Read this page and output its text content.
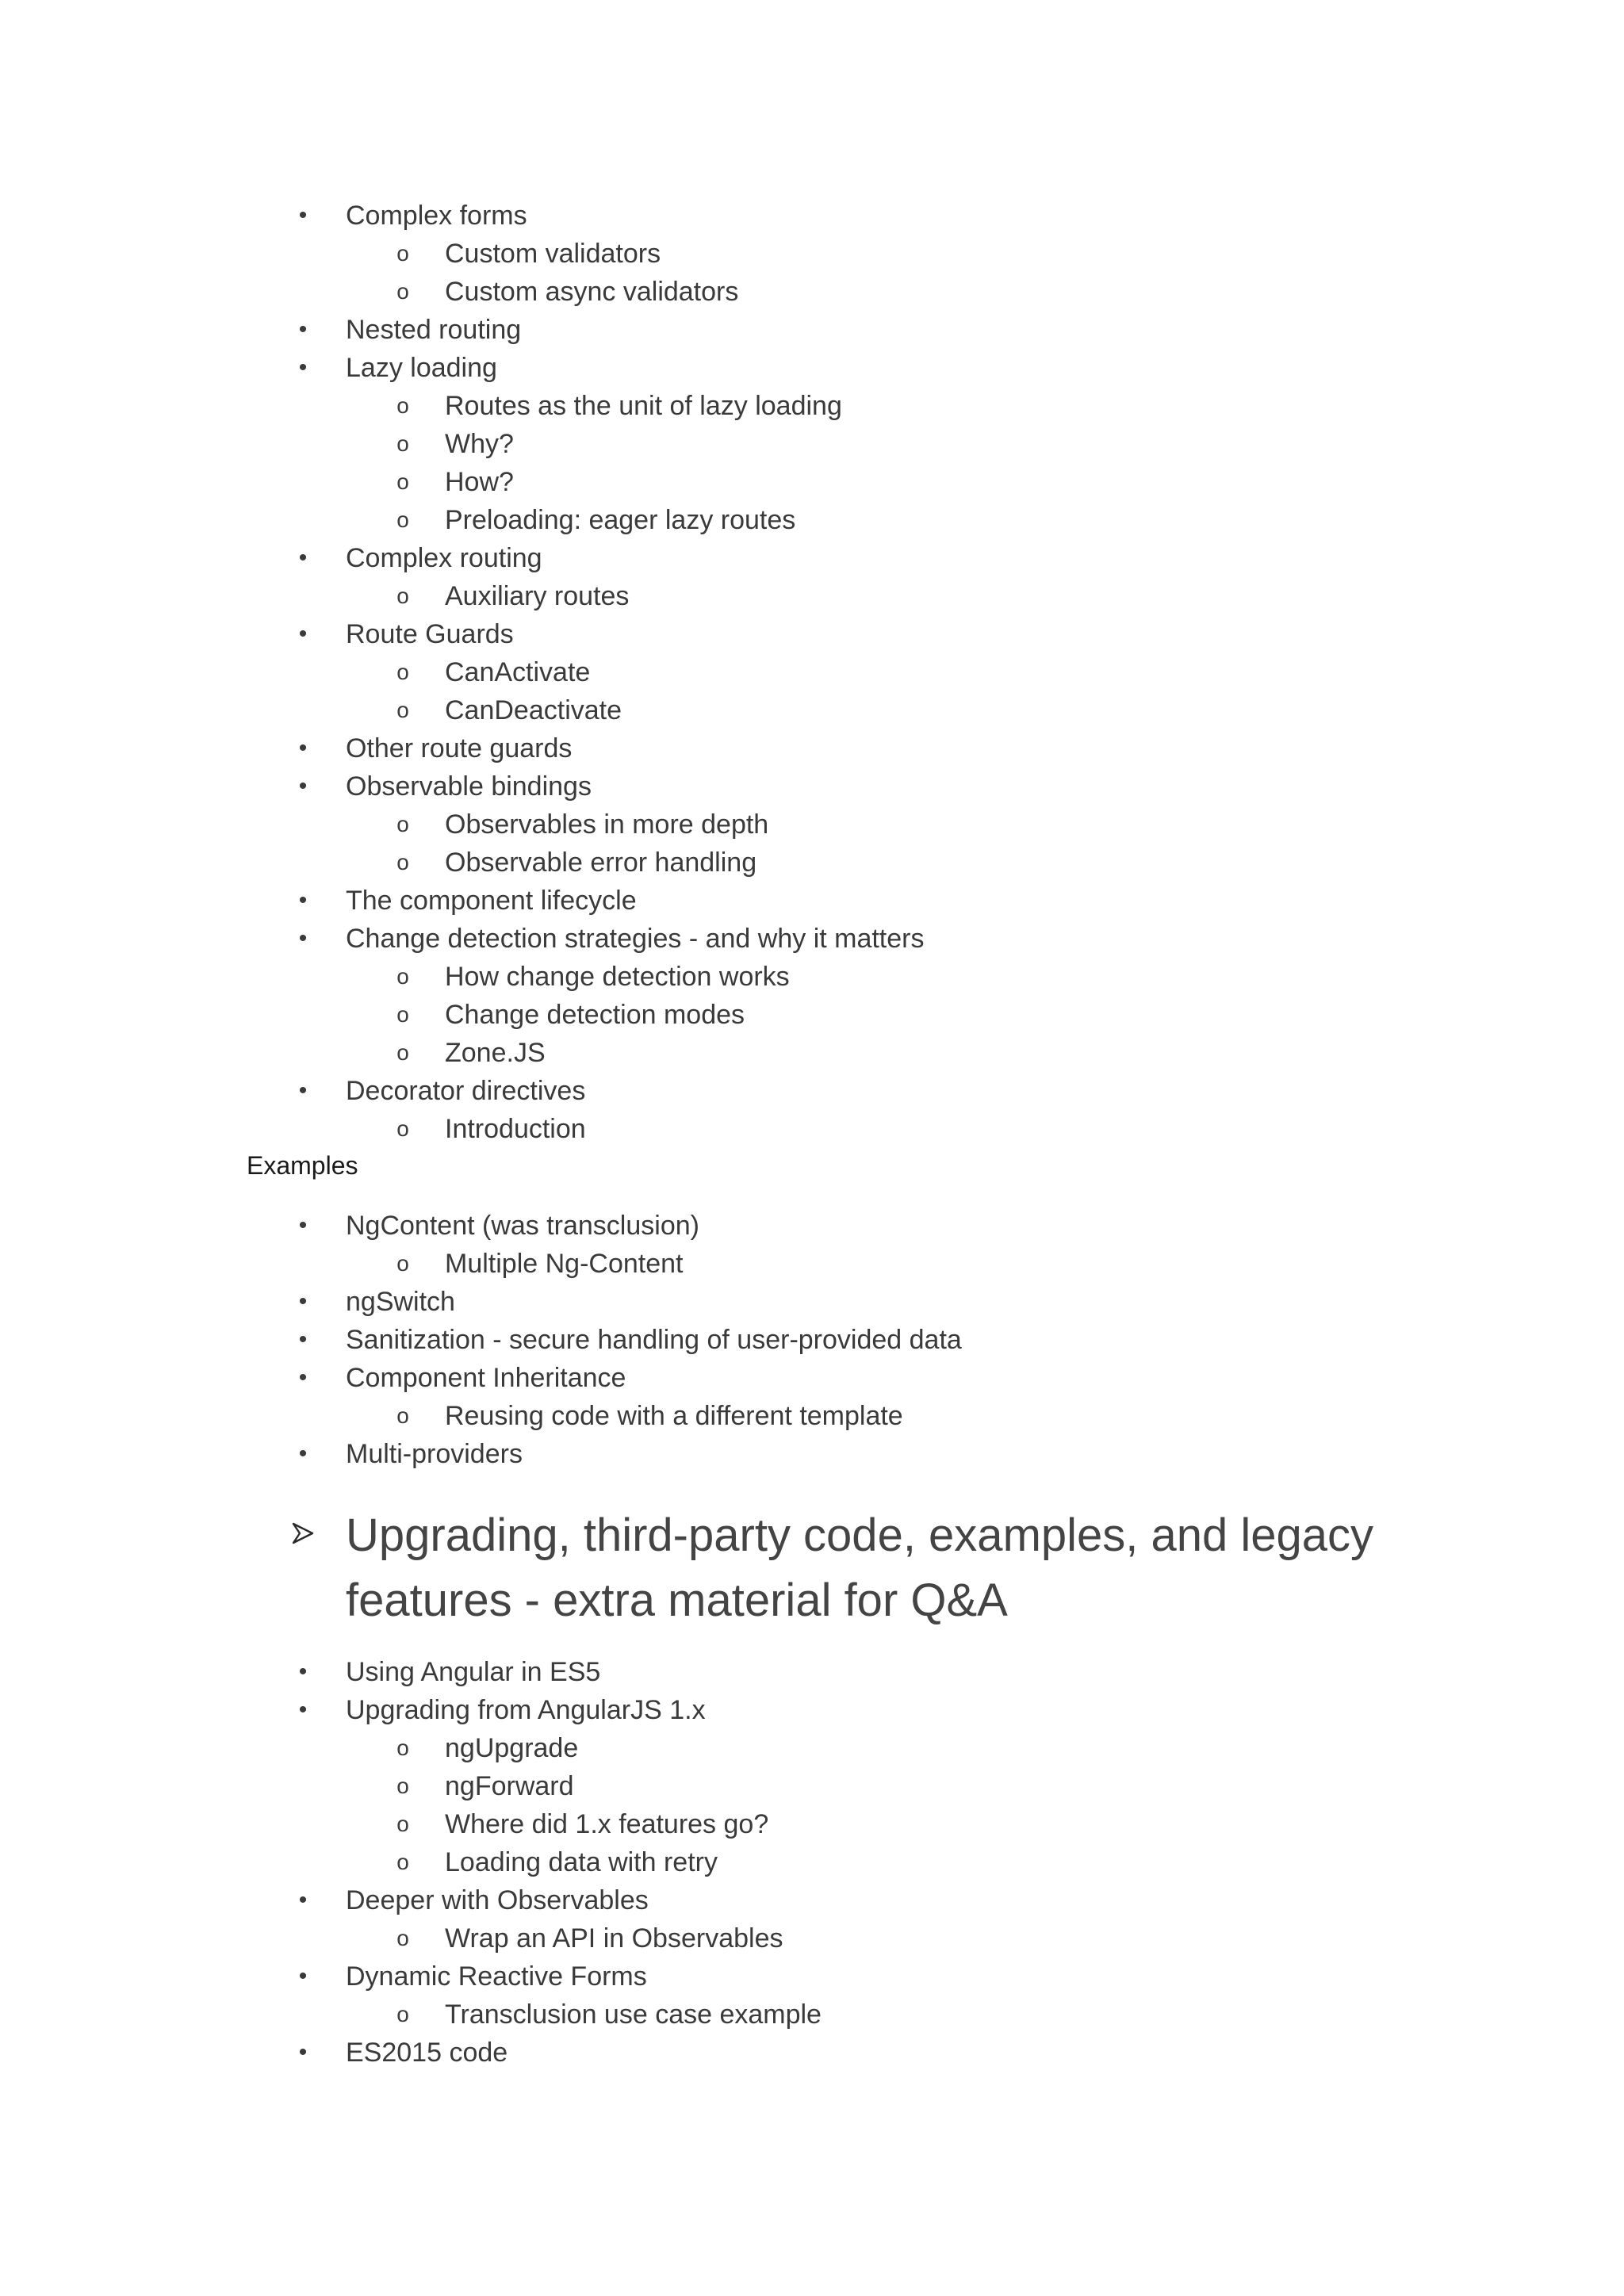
•	Complex forms
o	Custom validators
o	Custom async validators
•	Nested routing
•	Lazy loading
o	Routes as the unit of lazy loading
o	Why?
o	How?
o	Preloading: eager lazy routes
•	Complex routing
o	Auxiliary routes
•	Route Guards
o	CanActivate
o	CanDeactivate
•	Other route guards
•	Observable bindings
o	Observables in more depth
o	Observable error handling
•	The component lifecycle
•	Change detection strategies - and why it matters
o	How change detection works
o	Change detection modes
o	Zone.JS
•	Decorator directives
o	Introduction
Examples
•	NgContent (was transclusion)
o	Multiple Ng-Content
•	ngSwitch
•	Sanitization - secure handling of user-provided data
•	Component Inheritance
o	Reusing code with a different template
•	Multi-providers
Upgrading, third-party code, examples, and legacy features - extra material for Q&A
•	Using Angular in ES5
•	Upgrading from AngularJS 1.x
o	ngUpgrade
o	ngForward
o	Where did 1.x features go?
o	Loading data with retry
•	Deeper with Observables
o	Wrap an API in Observables
•	Dynamic Reactive Forms
o	Transclusion use case example
•	ES2015 code
